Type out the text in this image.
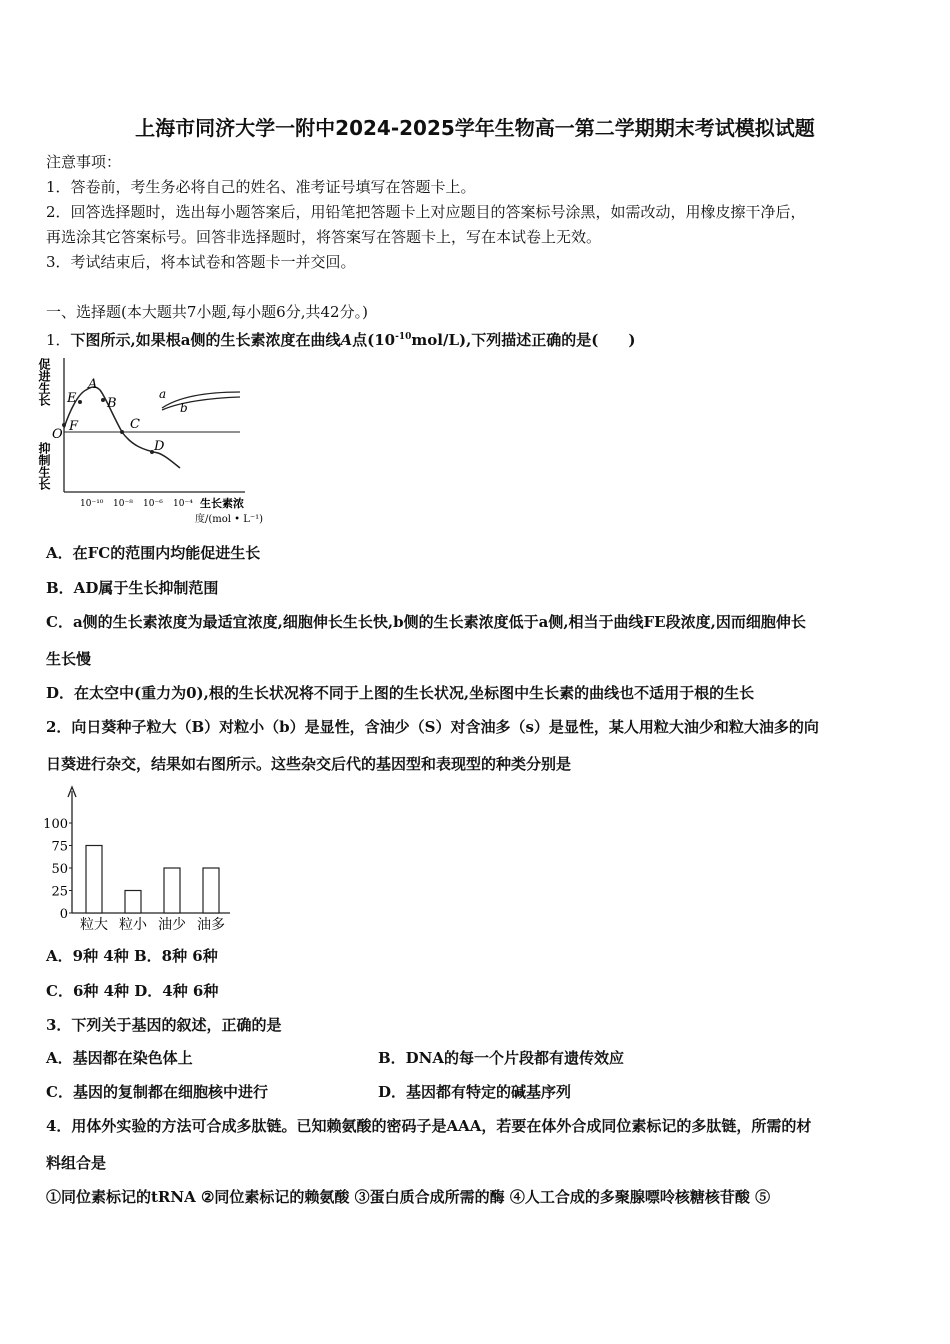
上海市同济大学一附中2024-2025学年生物高一第二学期期末考试模拟试题
注意事项：
1．答卷前，考生务必将自己的姓名、准考证号填写在答题卡上。
2．回答选择题时，选出每小题答案后，用铅笔把答题卡上对应题目的答案标号涂黑，如需改动，用橡皮擦干净后，
再选涂其它答案标号。回答非选择题时，将答案写在答题卡上，写在本试卷上无效。
3．考试结束后，将本试卷和答题卡一并交回。
一、选择题(本大题共7小题,每小题6分,共42分。)
1．下图所示,如果根a侧的生长素浓度在曲线A点$(10^{-10}mol/L)$,下列描述正确的是(　　)
促进生长
抑制生长
O
A
E B
F	C
D
10⁻¹⁰ 10⁻⁸ 10⁻⁶ 10⁻⁴ 生长素浓
度/(mol • L⁻¹)
a
b
A．在FC的范围内均能促进生长
B．AD属于生长抑制范围
C．a侧的生长素浓度为最适宜浓度,细胞伸长生长快,b侧的生长素浓度低于a侧,相当于曲线FE段浓度,因而细胞伸长
生长慢
D．在太空中(重力为0),根的生长状况将不同于上图的生长状况,坐标图中生长素的曲线也不适用于根的生长
2．向日葵种子粒大（B）对粒小（b）是显性，含油少（S）对含油多（s）是显性，某人用粒大油少和粒大油多的向
日葵进行杂交，结果如右图所示。这些杂交后代的基因型和表现型的种类分别是
0
25
50
75
100
粒大 粒小 油少 油多
A．9种 4种 B．8种 6种
C．6种 4种 D．4种 6种
3．下列关于基因的叙述，正确的是
A．基因都在染色体上	B．DNA的每一个片段都有遗传效应
C．基因的复制都在细胞核中进行	D．基因都有特定的碱基序列
4．用体外实验的方法可合成多肽链。已知赖氨酸的密码子是AAA，若要在体外合成同位素标记的多肽链，所需的材
料组合是
①同位素标记的tRNA ②同位素标记的赖氨酸 ③蛋白质合成所需的酶 ④人工合成的多聚腺嘌呤核糖核苷酸 ⑤
